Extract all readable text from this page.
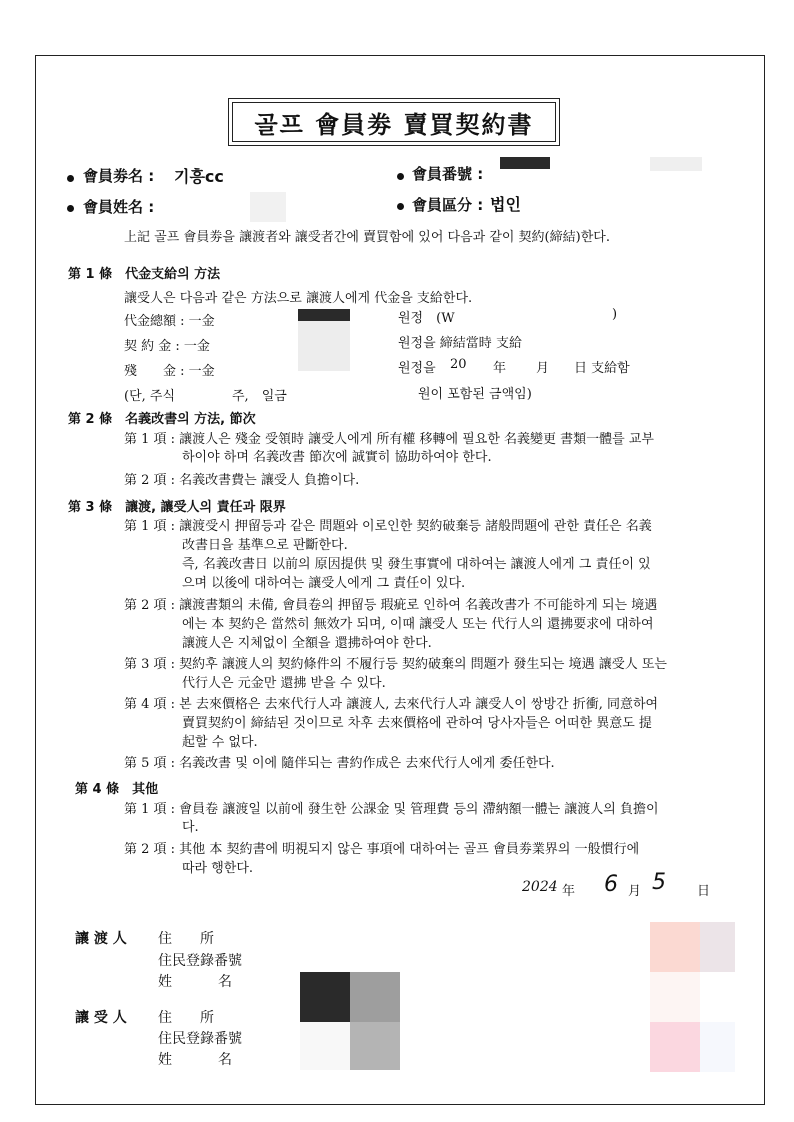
골프 會員劵 賣買契約書
會員劵名 : 기흥cc	會員番號 :
會員姓名 :	會員區分 : 법인
上記 골프 會員劵을 讓渡者와 讓受者간에 賣買함에 있어 다음과 같이 契約(締結)한다.
第 1 條　代金支給의 方法
讓受人은 다음과 같은 方法으로 讓渡人에게 代金을 支給한다.
代金總額 : 一金	원정　(W	)
契 約 金 : 一金	원정을 締結當時 支給
殘　　金 : 一金	원정을 20 年 月 日 支給함
(단, 주식	주,　일금	원이 포함된 금액임)
第 2 條　名義改書의 方法, 節次
第 1 項 : 讓渡人은 殘金 受領時 讓受人에게 所有權 移轉에 필요한 名義變更 書類一體를 교부
하이야 하며 名義改書 節次에 誠實히 協助하여야 한다.
第 2 項 : 名義改書費는 讓受人 負擔이다.
第 3 條　讓渡, 讓受人의 責任과 限界
第 1 項 : 讓渡受시 押留등과 같은 問題와 이로인한 契約破棄등 諸般問題에 관한 責任은 名義
改書日을 基準으로 판斷한다.
즉, 名義改書日 以前의 原因提供 및 發生事實에 대하여는 讓渡人에게 그 責任이 있
으며 以後에 대하여는 讓受人에게 그 責任이 있다.
第 2 項 : 讓渡書類의 未備, 會員卷의 押留등 瑕疵로 인하여 名義改書가 不可能하게 되는 境遇
에는 本 契約은 當然히 無效가 되며, 이때 讓受人 또는 代行人의 還拂要求에 대하여
讓渡人은 지체없이 全額을 還拂하여야 한다.
第 3 項 : 契約후 讓渡人의 契約條件의 不履行등 契約破棄의 問題가 發生되는 境遇 讓受人 또는
代行人은 元金만 還拂 받을 수 있다.
第 4 項 : 본 去來價格은 去來代行人과 讓渡人, 去來代行人과 讓受人이 쌍방간 折衝, 同意하여
賣買契約이 締結된 것이므로 차후 去來價格에 관하여 당사자들은 어떠한 異意도 提
起할 수 없다.
第 5 項 : 名義改書 및 이에 隨伴되는 書約作成은 去來代行人에게 委任한다.
第 4 條　其他
第 1 項 : 會員卷 讓渡일 以前에 發生한 公課金 및 管理費 등의 滯納額一體는 讓渡人의 負擔이
다.
第 2 項 : 其他 本 契約書에 明視되지 않은 事項에 대하여는 골프 會員劵業界의 一般慣行에
따라 행한다.
2024 年 6 月 5 日
讓 渡 人 住　　所
住民登錄番號
姓　　名
讓 受 人 住　　所
住民登錄番號
姓　　名
